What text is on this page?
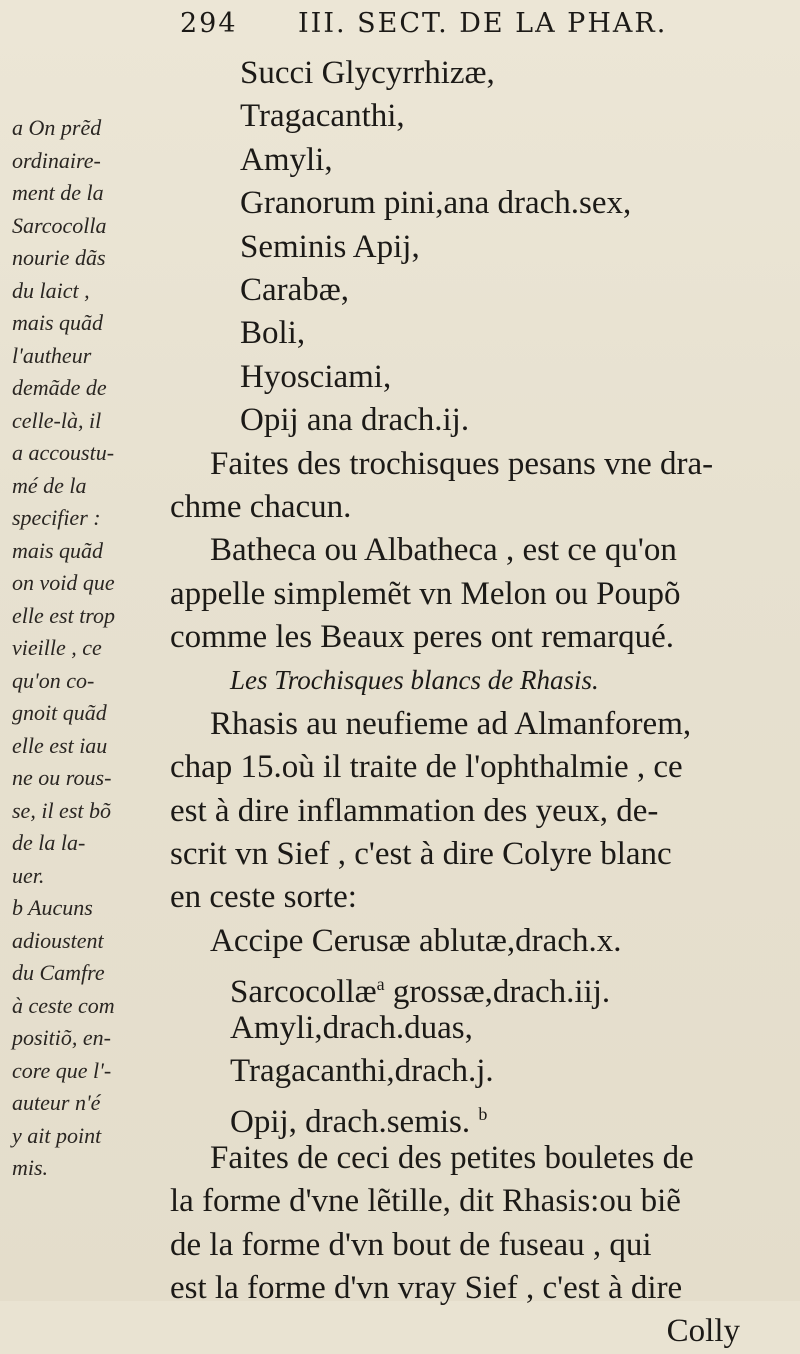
294 III. SECT. DE LA PHAR.
a On prẽd
ordinaire-
ment de la
Sarcocolla
nourie dãs
du laict ,
mais quãd
l'autheur
demãde de
celle-là, il
a accoustu-
mé de la
specifier :
mais quãd
on void que
elle est trop
vieille , ce
qu'on co-
gnoit quãd
elle est iau
ne ou rous-
se, il est bõ
de la la-
uer.
b Aucuns
adioustent
du Camfre
à ceste com
positiõ, en-
core que l'-
auteur n'é
y ait point
mis.
Succi Glycyrrhizæ,
Tragacanthi,
Amyli,
Granorum pini,ana drach.sex,
Seminis Apij,
Carabæ,
Boli,
Hyosciami,
Opij ana drach.ij.
Faites des trochisques pesans vne dra-
chme chacun.
Batheca ou Albatheca , est ce qu'on
appelle simplemẽt vn Melon ou Poupõ
comme les Beaux peres ont remarqué.
Les Trochisques blancs de Rhasis.
Rhasis au neufieme ad Almanforem,
chap 15.où il traite de l'ophthalmie , ce
est à dire inflammation des yeux, de-
scrit vn Sief , c'est à dire Colyre blanc
en ceste sorte:
Accipe Cerusæ ablutæ,drach.x.
Sarcocollæ$^a$ grossæ,drach.iij.
Amyli,drach.duas,
Tragacanthi,drach.j.
Opij, drach.semis. $^b$
Faites de ceci des petites bouletes de
la forme d'vne lẽtille, dit Rhasis:ou biẽ
de la forme d'vn bout de fuseau , qui
est la forme d'vn vray Sief , c'est à dire
Colly
